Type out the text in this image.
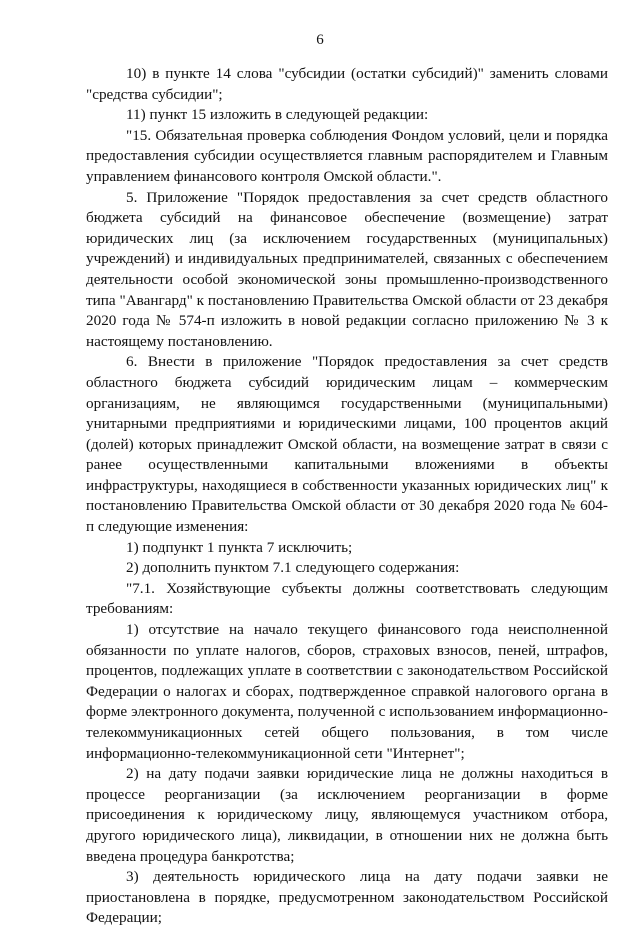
6

10) в пункте 14 слова "субсидии (остатки субсидий)" заменить словами "средства субсидии";

11) пункт 15 изложить в следующей редакции:

"15. Обязательная проверка соблюдения Фондом условий, цели и порядка предоставления субсидии осуществляется главным распорядителем и Главным управлением финансового контроля Омской области.".

5. Приложение "Порядок предоставления за счет средств областного бюджета субсидий на финансовое обеспечение (возмещение) затрат юридических лиц (за исключением государственных (муниципальных) учреждений) и индивидуальных предпринимателей, связанных с обеспечением деятельности особой экономической зоны промышленно-производственного типа "Авангард" к постановлению Правительства Омской области от 23 декабря 2020 года № 574-п изложить в новой редакции согласно приложению № 3 к настоящему постановлению.

6. Внести в приложение "Порядок предоставления за счет средств областного бюджета субсидий юридическим лицам – коммерческим организациям, не являющимся государственными (муниципальными) унитарными предприятиями и юридическими лицами, 100 процентов акций (долей) которых принадлежит Омской области, на возмещение затрат в связи с ранее осуществленными капитальными вложениями в объекты инфраструктуры, находящиеся в собственности указанных юридических лиц" к постановлению Правительства Омской области от 30 декабря 2020 года № 604-п следующие изменения:

1) подпункт 1 пункта 7 исключить;

2) дополнить пунктом 7.1 следующего содержания:

"7.1. Хозяйствующие субъекты должны соответствовать следующим требованиям:

1) отсутствие на начало текущего финансового года неисполненной обязанности по уплате налогов, сборов, страховых взносов, пеней, штрафов, процентов, подлежащих уплате в соответствии с законодательством Российской Федерации о налогах и сборах, подтвержденное справкой налогового органа в форме электронного документа, полученной с использованием информационно-телекоммуникационных сетей общего пользования, в том числе информационно-телекоммуникационной сети "Интернет";

2) на дату подачи заявки юридические лица не должны находиться в процессе реорганизации (за исключением реорганизации в форме присоединения к юридическому лицу, являющемуся участником отбора, другого юридического лица), ликвидации, в отношении них не должна быть введена процедура банкротства;

3) деятельность юридического лица на дату подачи заявки не приостановлена в порядке, предусмотренном законодательством Российской Федерации;
